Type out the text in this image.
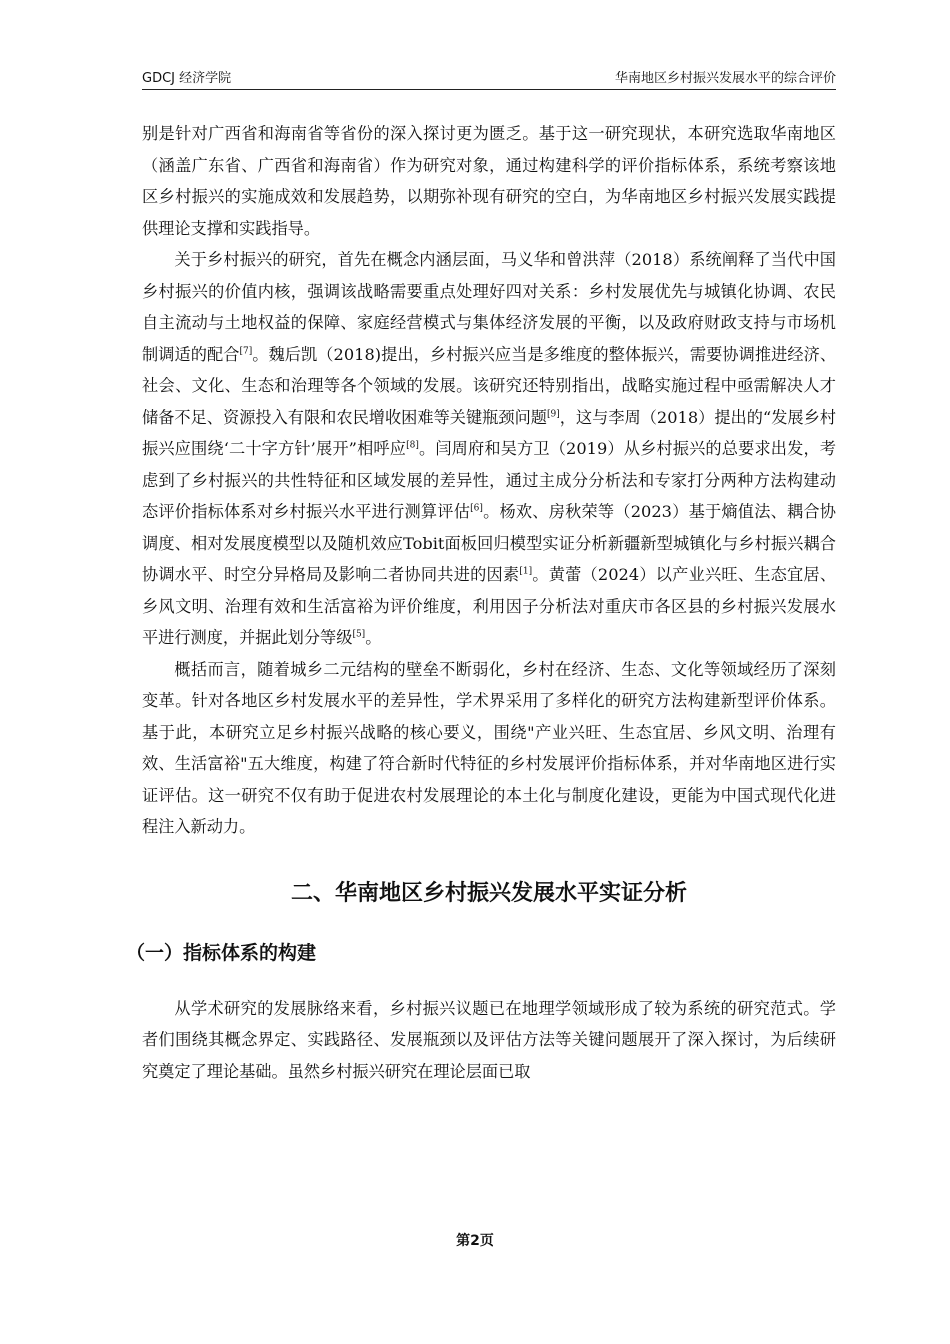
GDCJ 经济学院	华南地区乡村振兴发展水平的综合评价

别是针对广西省和海南省等省份的深入探讨更为匮乏。基于这一研究现状，本研究选取华南地区（涵盖广东省、广西省和海南省）作为研究对象，通过构建科学的评价指标体系，系统考察该地区乡村振兴的实施成效和发展趋势，以期弥补现有研究的空白，为华南地区乡村振兴发展实践提供理论支撑和实践指导。

关于乡村振兴的研究，首先在概念内涵层面，马义华和曾洪萍（2018）系统阐释了当代中国乡村振兴的价值内核，强调该战略需要重点处理好四对关系：乡村发展优先与城镇化协调、农民自主流动与土地权益的保障、家庭经营模式与集体经济发展的平衡，以及政府财政支持与市场机制调适的配合[7]。魏后凯（2018)提出，乡村振兴应当是多维度的整体振兴，需要协调推进经济、社会、文化、生态和治理等各个领域的发展。该研究还特别指出，战略实施过程中亟需解决人才储备不足、资源投入有限和农民增收困难等关键瓶颈问题[9]，这与李周（2018）提出的“发展乡村振兴应围绕‘二十字方针’展开”相呼应[8]。闫周府和吴方卫（2019）从乡村振兴的总要求出发，考虑到了乡村振兴的共性特征和区域发展的差异性，通过主成分分析法和专家打分两种方法构建动态评价指标体系对乡村振兴水平进行测算评估[6]。杨欢、房秋荣等（2023）基于熵值法、耦合协调度、相对发展度模型以及随机效应Tobit面板回归模型实证分析新疆新型城镇化与乡村振兴耦合协调水平、时空分异格局及影响二者协同共进的因素[1]。黄蕾（2024）以产业兴旺、生态宜居、乡风文明、治理有效和生活富裕为评价维度，利用因子分析法对重庆市各区县的乡村振兴发展水平进行测度，并据此划分等级[5]。

概括而言，随着城乡二元结构的壁垒不断弱化，乡村在经济、生态、文化等领域经历了深刻变革。针对各地区乡村发展水平的差异性，学术界采用了多样化的研究方法构建新型评价体系。基于此，本研究立足乡村振兴战略的核心要义，围绕"产业兴旺、生态宜居、乡风文明、治理有效、生活富裕"五大维度，构建了符合新时代特征的乡村发展评价指标体系，并对华南地区进行实证评估。这一研究不仅有助于促进农村发展理论的本土化与制度化建设，更能为中国式现代化进程注入新动力。

二、华南地区乡村振兴发展水平实证分析
（一）指标体系的构建

从学术研究的发展脉络来看，乡村振兴议题已在地理学领域形成了较为系统的研究范式。学者们围绕其概念界定、实践路径、发展瓶颈以及评估方法等关键问题展开了深入探讨，为后续研究奠定了理论基础。虽然乡村振兴研究在理论层面已取

第2页
